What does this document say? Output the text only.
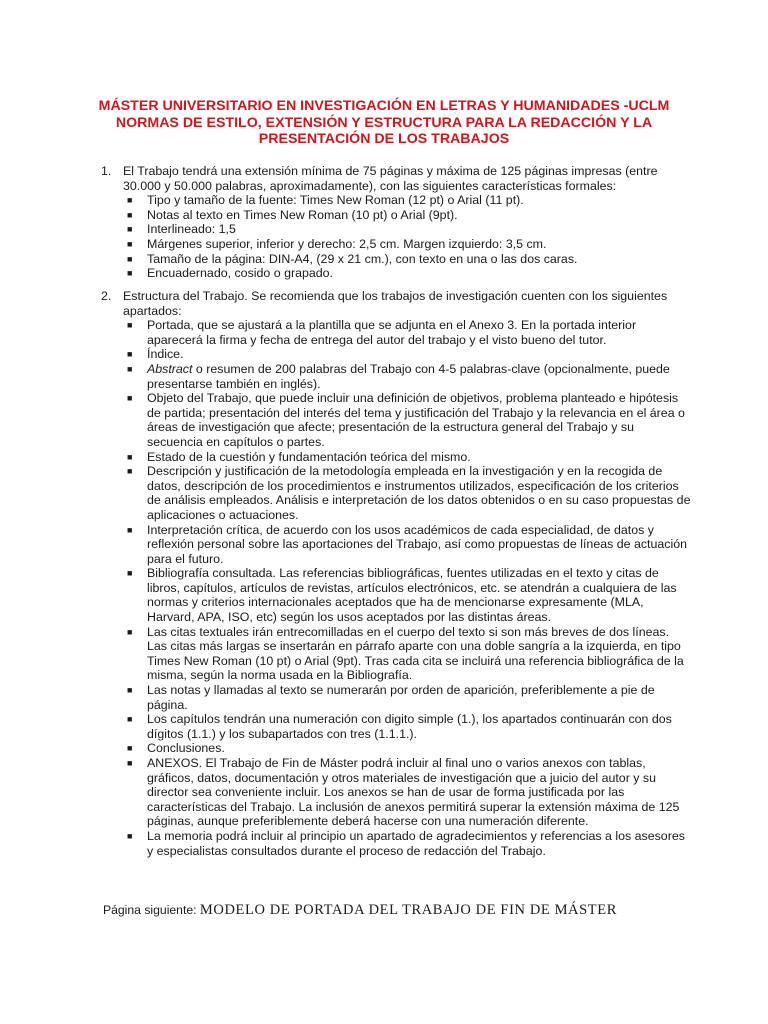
MÁSTER UNIVERSITARIO EN INVESTIGACIÓN EN LETRAS Y HUMANIDADES -UCLM
NORMAS DE ESTILO, EXTENSIÓN Y ESTRUCTURA PARA LA REDACCIÓN Y LA
PRESENTACIÓN DE LOS TRABAJOS
1. El Trabajo tendrá una extensión mínima de 75 páginas y máxima de 125 páginas impresas (entre 30.000 y 50.000 palabras, aproximadamente), con las siguientes características formales:
■ Tipo y tamaño de la fuente: Times New Roman (12 pt) o Arial (11 pt).
■ Notas al texto en Times New Roman (10 pt) o Arial (9pt).
■ Interlineado: 1,5
■ Márgenes superior, inferior y derecho: 2,5 cm. Margen izquierdo: 3,5 cm.
■ Tamaño de la página: DIN-A4, (29 x 21 cm.), con texto en una o las dos caras.
■ Encuadernado, cosido o grapado.
2. Estructura del Trabajo. Se recomienda que los trabajos de investigación cuenten con los siguientes apartados:
■ Portada, que se ajustará a la plantilla que se adjunta en el Anexo 3. En la portada interior aparecerá la firma y fecha de entrega del autor del trabajo y el visto bueno del tutor.
■ Índice.
■ Abstract o resumen de 200 palabras del Trabajo con 4-5 palabras-clave (opcionalmente, puede presentarse también en inglés).
■ Objeto del Trabajo, que puede incluir una definición de objetivos, problema planteado e hipótesis de partida; presentación del interés del tema y justificación del Trabajo y la relevancia en el área o áreas de investigación que afecte; presentación de la estructura general del Trabajo y su secuencia en capítulos o partes.
■ Estado de la cuestión y fundamentación teórica del mismo.
■ Descripción y justificación de la metodología empleada en la investigación y en la recogida de datos, descripción de los procedimientos e instrumentos utilizados, especificación de los criterios de análisis empleados. Análisis e interpretación de los datos obtenidos o en su caso propuestas de aplicaciones o actuaciones.
■ Interpretación crítica, de acuerdo con los usos académicos de cada especialidad, de datos y reflexión personal sobre las aportaciones del Trabajo, así como propuestas de líneas de actuación para el futuro.
■ Bibliografía consultada. Las referencias bibliográficas, fuentes utilizadas en el texto y citas de libros, capítulos, artículos de revistas, artículos electrónicos, etc. se atendrán a cualquiera de las normas y criterios internacionales aceptados que ha de mencionarse expresamente (MLA, Harvard, APA, ISO, etc) según los usos aceptados por las distintas áreas.
■ Las citas textuales irán entrecomilladas en el cuerpo del texto si son más breves de dos líneas. Las citas más largas se insertarán en párrafo aparte con una doble sangría a la izquierda, en tipo Times New Roman (10 pt) o Arial (9pt). Tras cada cita se incluirá una referencia bibliográfica de la misma, según la norma usada en la Bibliografía.
■ Las notas y llamadas al texto se numerarán por orden de aparición, preferiblemente a pie de página.
■ Los capítulos tendrán una numeración con digito simple (1.), los apartados continuarán con dos dígitos (1.1.) y los subapartados con tres (1.1.1.).
■ Conclusiones.
■ ANEXOS. El Trabajo de Fin de Máster podrá incluir al final uno o varios anexos con tablas, gráficos, datos, documentación y otros materiales de investigación que a juicio del autor y su director sea conveniente incluir. Los anexos se han de usar de forma justificada por las características del Trabajo. La inclusión de anexos permitirá superar la extensión máxima de 125 páginas, aunque preferiblemente deberá hacerse con una numeración diferente.
■ La memoria podrá incluir al principio un apartado de agradecimientos y referencias a los asesores y especialistas consultados durante el proceso de redacción del Trabajo.
Página siguiente: MODELO DE PORTADA DEL TRABAJO DE FIN DE MÁSTER
